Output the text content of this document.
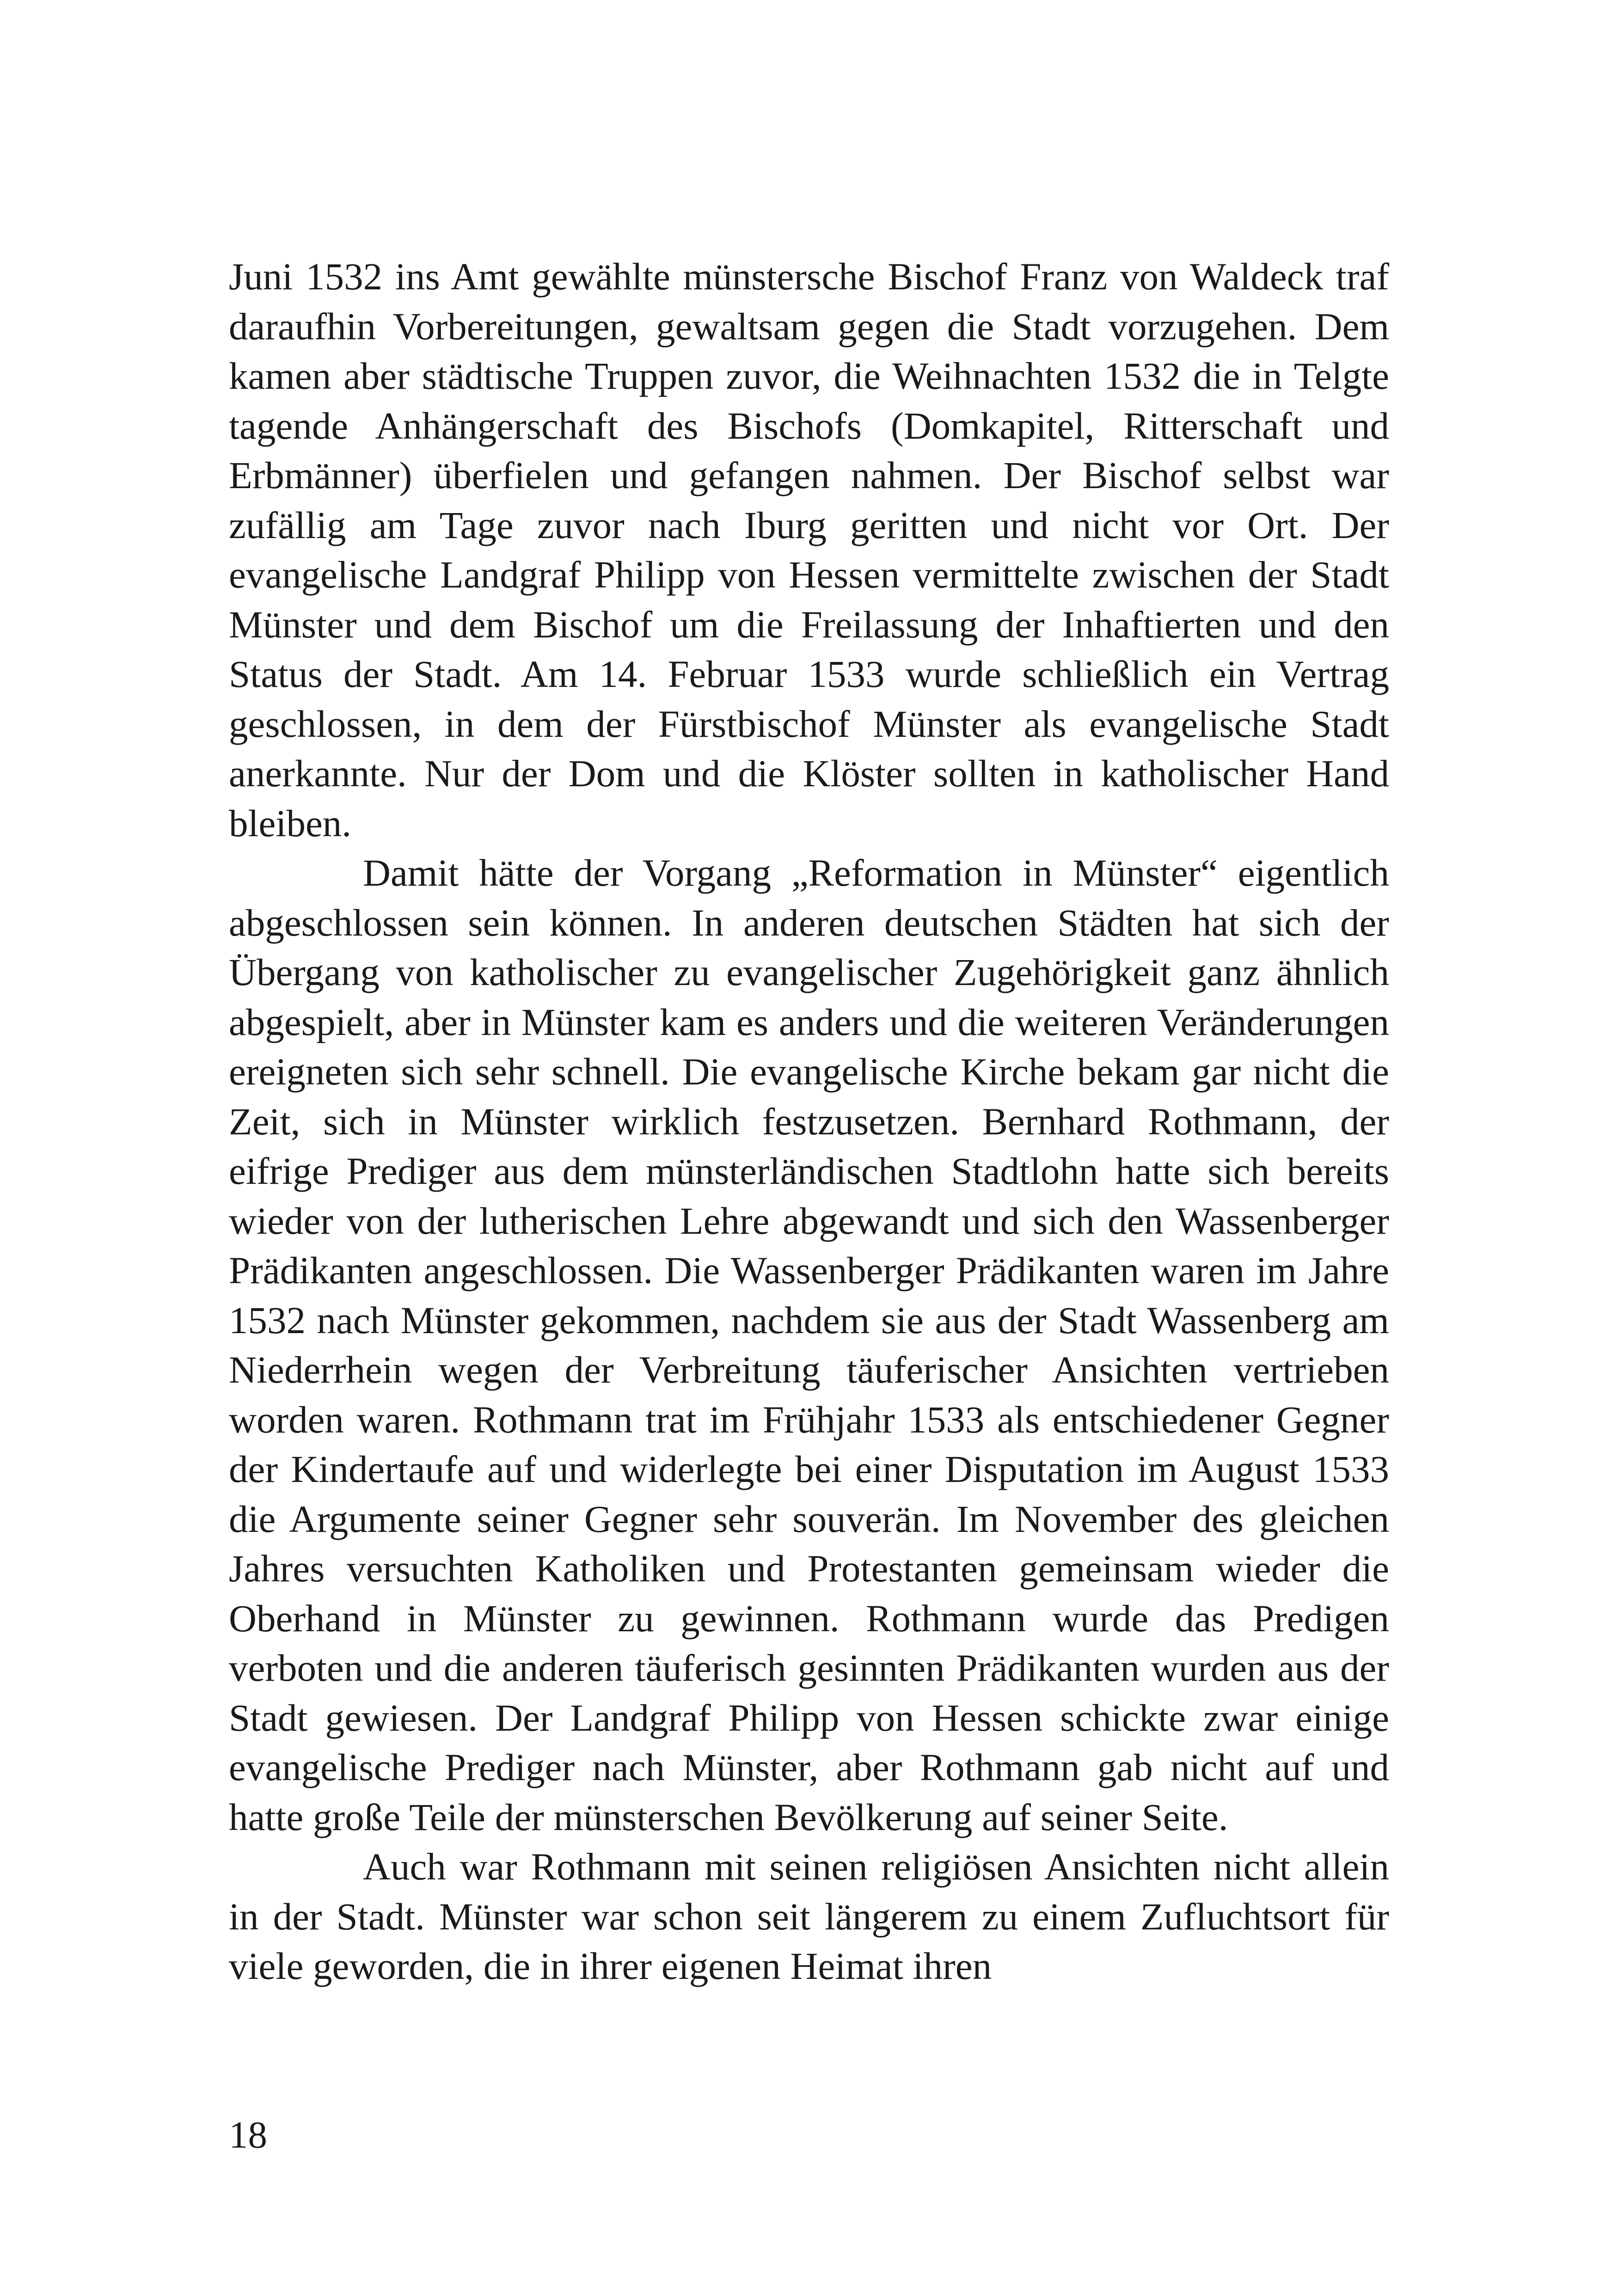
Juni 1532 ins Amt gewählte münstersche Bischof Franz von Waldeck traf daraufhin Vorbereitungen, gewaltsam gegen die Stadt vorzugehen. Dem kamen aber städtische Truppen zuvor, die Weihnachten 1532 die in Telgte tagende Anhängerschaft des Bischofs (Domkapitel, Ritterschaft und Erbmänner) überfielen und gefangen nahmen. Der Bischof selbst war zufällig am Tage zuvor nach Iburg geritten und nicht vor Ort. Der evangelische Landgraf Philipp von Hessen vermittelte zwischen der Stadt Münster und dem Bischof um die Freilassung der Inhaftierten und den Status der Stadt. Am 14. Februar 1533 wurde schließlich ein Vertrag geschlossen, in dem der Fürstbischof Münster als evangelische Stadt anerkannte. Nur der Dom und die Klöster sollten in katholischer Hand bleiben.

Damit hätte der Vorgang „Reformation in Münster“ eigentlich abgeschlossen sein können. In anderen deutschen Städten hat sich der Übergang von katholischer zu evangelischer Zugehörigkeit ganz ähnlich abgespielt, aber in Münster kam es anders und die weiteren Veränderungen ereigneten sich sehr schnell. Die evangelische Kirche bekam gar nicht die Zeit, sich in Münster wirklich festzusetzen. Bernhard Rothmann, der eifrige Prediger aus dem münsterländischen Stadtlohn hatte sich bereits wieder von der lutherischen Lehre abgewandt und sich den Wassenberger Prädikanten angeschlossen. Die Wassenberger Prädikanten waren im Jahre 1532 nach Münster gekommen, nachdem sie aus der Stadt Wassenberg am Niederrhein wegen der Verbreitung täuferischer Ansichten vertrieben worden waren. Rothmann trat im Frühjahr 1533 als entschiedener Gegner der Kindertaufe auf und widerlegte bei einer Disputation im August 1533 die Argumente seiner Gegner sehr souverän. Im November des gleichen Jahres versuchten Katholiken und Protestanten gemeinsam wieder die Oberhand in Münster zu gewinnen. Rothmann wurde das Predigen verboten und die anderen täuferisch gesinnten Prädikanten wurden aus der Stadt gewiesen. Der Landgraf Philipp von Hessen schickte zwar einige evangelische Prediger nach Münster, aber Rothmann gab nicht auf und hatte große Teile der münsterschen Bevölkerung auf seiner Seite.

Auch war Rothmann mit seinen religiösen Ansichten nicht allein in der Stadt. Münster war schon seit längerem zu einem Zufluchtsort für viele geworden, die in ihrer eigenen Heimat ihren

18
